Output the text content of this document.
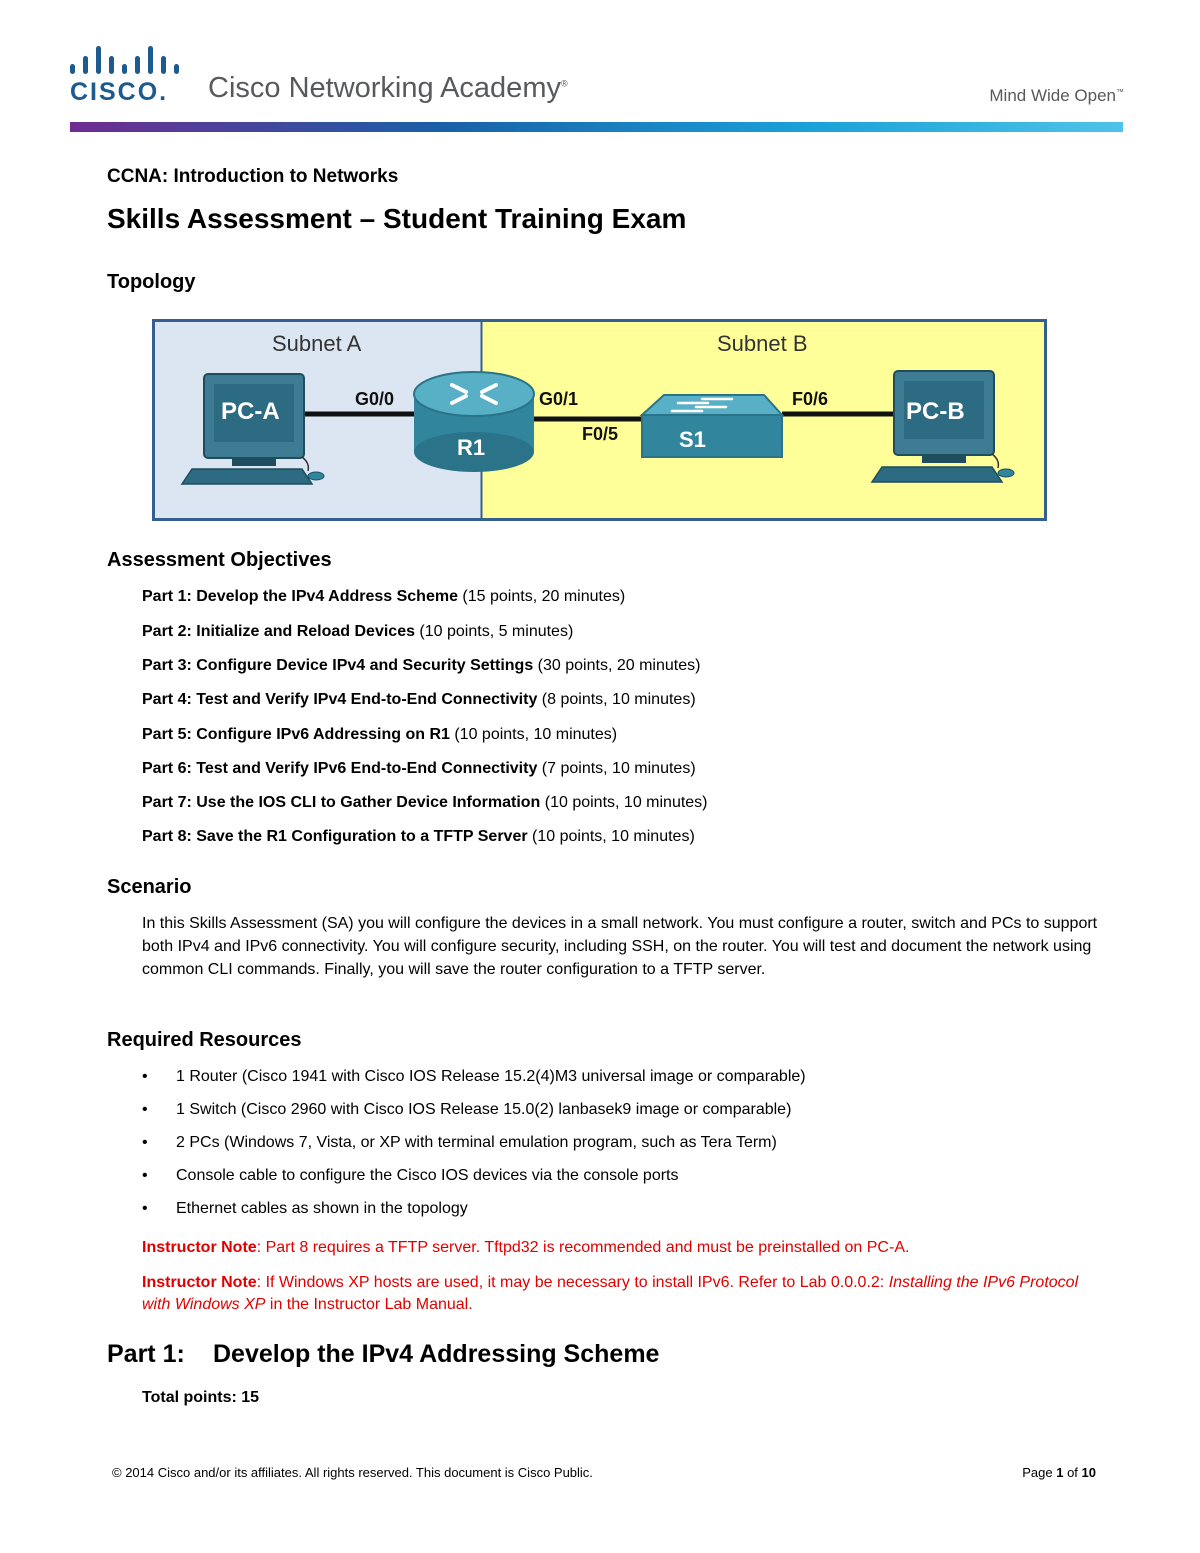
CISCO. Cisco Networking Academy®
Mind Wide Open™
CCNA: Introduction to Networks
Skills Assessment – Student Training Exam
Topology
Subnet A	Subnet B
PC-A
R1
G0/0	G0/1
S1
F0/5
F0/6	PC-B
Assessment Objectives
Part 1: Develop the IPv4 Address Scheme (15 points, 20 minutes)
Part 2: Initialize and Reload Devices (10 points, 5 minutes)
Part 3: Configure Device IPv4 and Security Settings (30 points, 20 minutes)
Part 4: Test and Verify IPv4 End-to-End Connectivity (8 points, 10 minutes)
Part 5: Configure IPv6 Addressing on R1 (10 points, 10 minutes)
Part 6: Test and Verify IPv6 End-to-End Connectivity (7 points, 10 minutes)
Part 7: Use the IOS CLI to Gather Device Information (10 points, 10 minutes)
Part 8: Save the R1 Configuration to a TFTP Server (10 points, 10 minutes)
Scenario
In this Skills Assessment (SA) you will configure the devices in a small network. You must configure a router, switch and PCs to support both IPv4 and IPv6 connectivity. You will configure security, including SSH, on the router. You will test and document the network using common CLI commands. Finally, you will save the router configuration to a TFTP server.
Required Resources
• 1 Router (Cisco 1941 with Cisco IOS Release 15.2(4)M3 universal image or comparable)
• 1 Switch (Cisco 2960 with Cisco IOS Release 15.0(2) lanbasek9 image or comparable)
• 2 PCs (Windows 7, Vista, or XP with terminal emulation program, such as Tera Term)
• Console cable to configure the Cisco IOS devices via the console ports
• Ethernet cables as shown in the topology
Instructor Note: Part 8 requires a TFTP server. Tftpd32 is recommended and must be preinstalled on PC-A.
Instructor Note: If Windows XP hosts are used, it may be necessary to install IPv6. Refer to Lab 0.0.0.2: Installing the IPv6 Protocol with Windows XP in the Instructor Lab Manual.
Part 1: Develop the IPv4 Addressing Scheme
Total points: 15
© 2014 Cisco and/or its affiliates. All rights reserved. This document is Cisco Public.	Page 1 of 10
